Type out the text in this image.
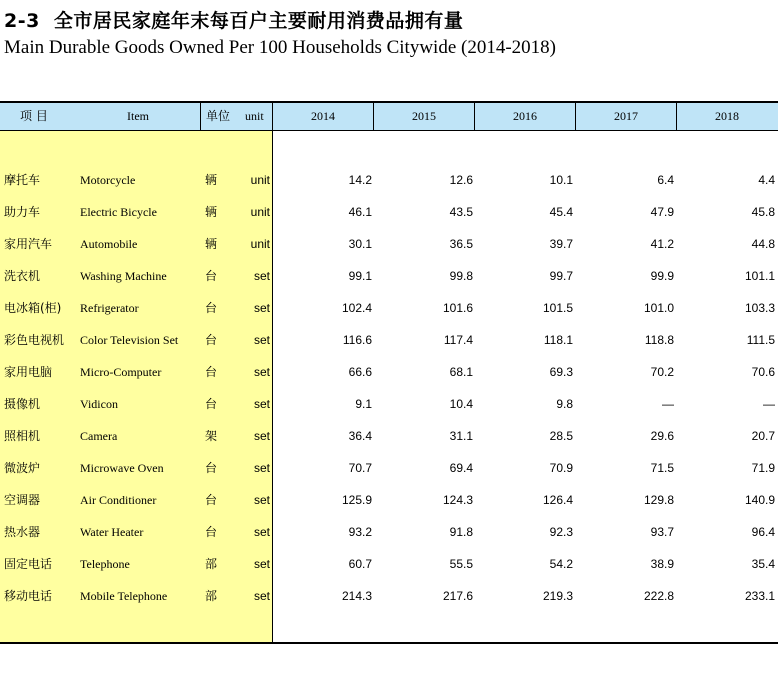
2-3 全市居民家庭年末每百户主要耐用消费品拥有量
Main Durable Goods Owned Per 100 Households Citywide (2014-2018)
项 目	Item	单位 unit	2014	2015	2016	2017	2018
摩托车	Motorcycle	辆	unit	14.2	12.6	10.1	6.4	4.4
助力车	Electric Bicycle	辆	unit	46.1	43.5	45.4	47.9	45.8
家用汽车 Automobile	辆	unit	30.1	36.5	39.7	41.2	44.8
洗衣机	Washing Machine	台	set	99.1	99.8	99.7	99.9	101.1
电冰箱(柜) Refrigerator	台	set	102.4	101.6	101.5	101.0	103.3
彩色电视机 Color Television Set 台	set	116.6	117.4	118.1	118.8	111.5
家用电脑 Micro-Computer	台	set	66.6	68.1	69.3	70.2	70.6
摄像机	Vidicon	台	set	9.1	10.4	9.8	—	—
照相机	Camera	架	set	36.4	31.1	28.5	29.6	20.7
微波炉	Microwave Oven	台	set	70.7	69.4	70.9	71.5	71.9
空调器	Air Conditioner	台	set	125.9	124.3	126.4	129.8	140.9
热水器	Water Heater	台	set	93.2	91.8	92.3	93.7	96.4
固定电话 Telephone	部	set	60.7	55.5	54.2	38.9	35.4
移动电话 Mobile Telephone	部	set	214.3	217.6	219.3	222.8	233.1
